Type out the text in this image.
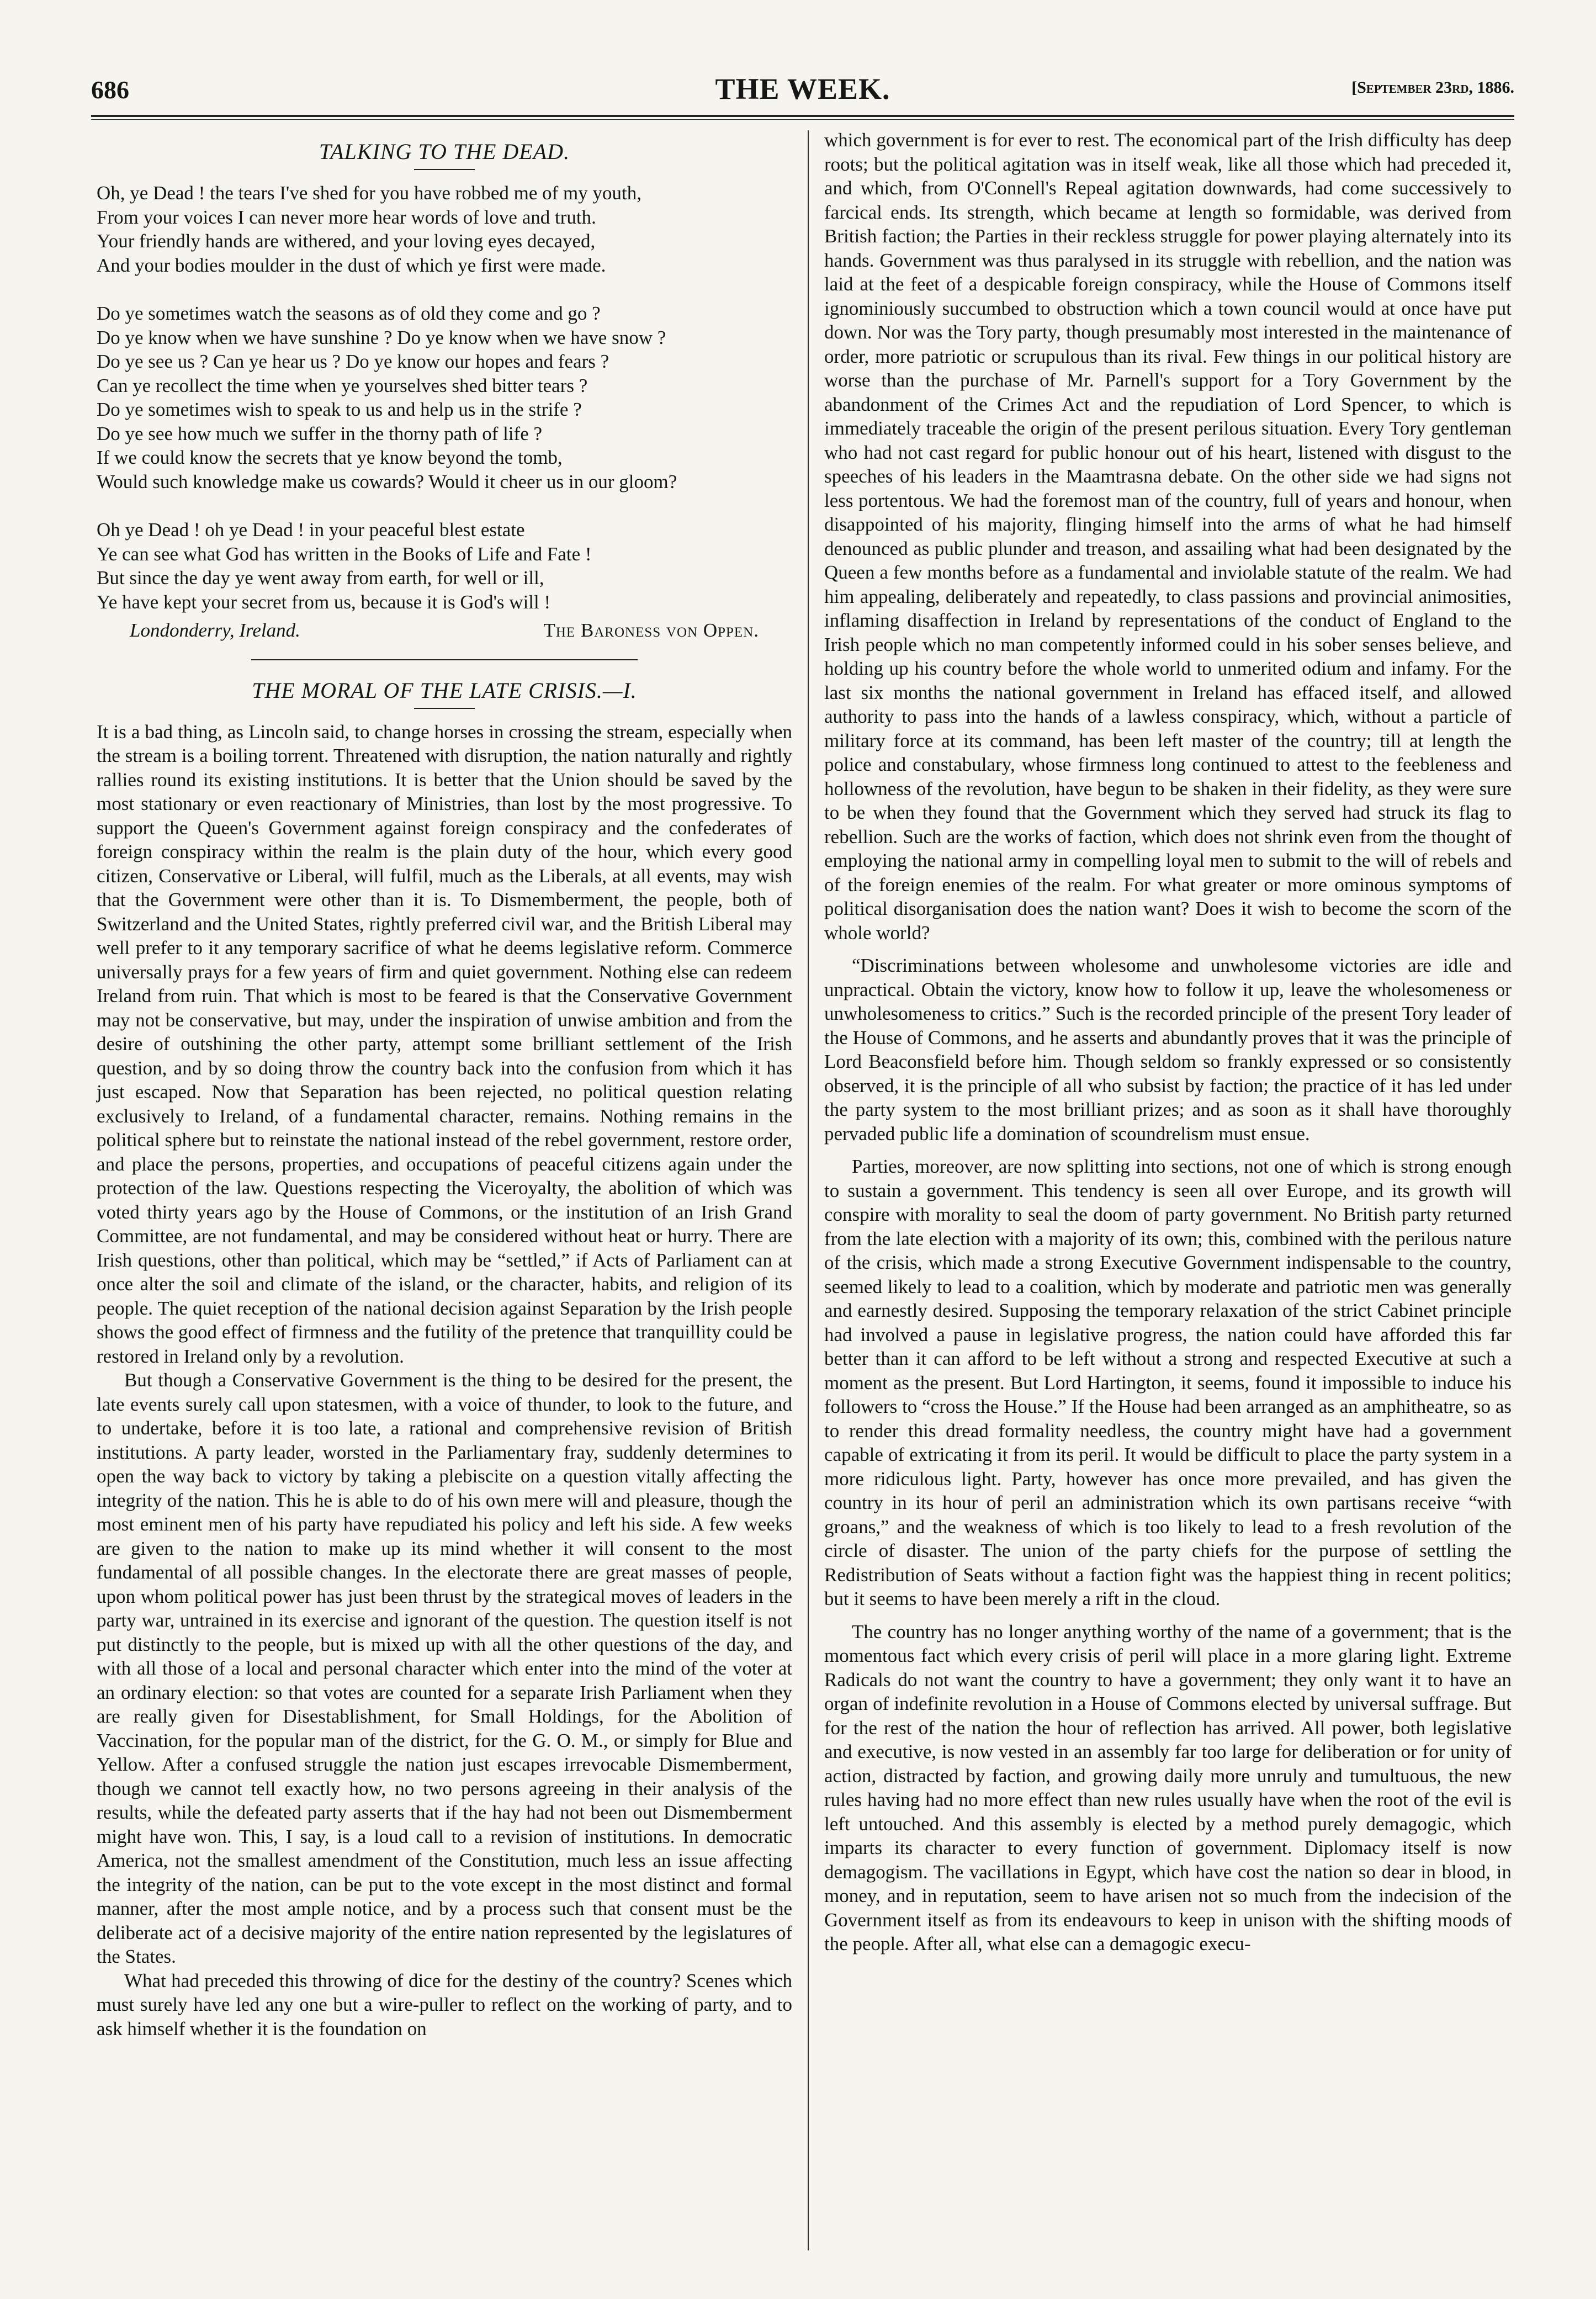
686	THE WEEK.	[September 23rd, 1886.
TALKING TO THE DEAD.
Oh, ye Dead ! the tears I've shed for you have robbed me of my youth,
From your voices I can never more hear words of love and truth.
Your friendly hands are withered, and your loving eyes decayed,
And your bodies moulder in the dust of which ye first were made.
Do ye sometimes watch the seasons as of old they come and go ?
Do ye know when we have sunshine ? Do ye know when we have snow ?
Do ye see us ? Can ye hear us ? Do ye know our hopes and fears ?
Can ye recollect the time when ye yourselves shed bitter tears ?
Do ye sometimes wish to speak to us and help us in the strife ?
Do ye see how much we suffer in the thorny path of life ?
If we could know the secrets that ye know beyond the tomb,
Would such knowledge make us cowards? Would it cheer us in our gloom?
Oh ye Dead ! oh ye Dead ! in your peaceful blest estate
Ye can see what God has written in the Books of Life and Fate !
But since the day ye went away from earth, for well or ill,
Ye have kept your secret from us, because it is God's will !
Londonderry, Ireland.	The Baroness von Oppen.
THE MORAL OF THE LATE CRISIS.—I.

It is a bad thing, as Lincoln said, to change horses in crossing the stream, especially when the stream is a boiling torrent. Threatened with disruption, the nation naturally and rightly rallies round its existing institutions. It is better that the Union should be saved by the most stationary or even reactionary of Ministries, than lost by the most progressive. To support the Queen's Government against foreign conspiracy and the confederates of foreign conspiracy within the realm is the plain duty of the hour, which every good citizen, Conservative or Liberal, will fulfil, much as the Liberals, at all events, may wish that the Government were other than it is. To Dismemberment, the people, both of Switzerland and the United States, rightly preferred civil war, and the British Liberal may well prefer to it any temporary sacrifice of what he deems legislative reform. Commerce universally prays for a few years of firm and quiet government. Nothing else can redeem Ireland from ruin. That which is most to be feared is that the Conservative Government may not be conservative, but may, under the inspiration of unwise ambition and from the desire of outshining the other party, attempt some brilliant settlement of the Irish question, and by so doing throw the country back into the confusion from which it has just escaped. Now that Separation has been rejected, no political question relating exclusively to Ireland, of a fundamental character, remains. Nothing remains in the political sphere but to reinstate the national instead of the rebel government, restore order, and place the persons, properties, and occupations of peaceful citizens again under the protection of the law. Questions respecting the Viceroyalty, the abolition of which was voted thirty years ago by the House of Commons, or the institution of an Irish Grand Committee, are not fundamental, and may be considered without heat or hurry. There are Irish questions, other than political, which may be “settled,” if Acts of Parliament can at once alter the soil and climate of the island, or the character, habits, and religion of its people. The quiet reception of the national decision against Separation by the Irish people shows the good effect of firmness and the futility of the pretence that tranquillity could be restored in Ireland only by a revolution.

But though a Conservative Government is the thing to be desired for the present, the late events surely call upon statesmen, with a voice of thunder, to look to the future, and to undertake, before it is too late, a rational and comprehensive revision of British institutions. A party leader, worsted in the Parliamentary fray, suddenly determines to open the way back to victory by taking a plebiscite on a question vitally affecting the integrity of the nation. This he is able to do of his own mere will and pleasure, though the most eminent men of his party have repudiated his policy and left his side. A few weeks are given to the nation to make up its mind whether it will consent to the most fundamental of all possible changes. In the electorate there are great masses of people, upon whom political power has just been thrust by the strategical moves of leaders in the party war, untrained in its exercise and ignorant of the question. The question itself is not put distinctly to the people, but is mixed up with all the other questions of the day, and with all those of a local and personal character which enter into the mind of the voter at an ordinary election: so that votes are counted for a separate Irish Parliament when they are really given for Disestablishment, for Small Holdings, for the Abolition of Vaccination, for the popular man of the district, for the G. O. M., or simply for Blue and Yellow. After a confused struggle the nation just escapes irrevocable Dismemberment, though we cannot tell exactly how, no two persons agreeing in their analysis of the results, while the defeated party asserts that if the hay had not been out Dismemberment might have won. This, I say, is a loud call to a revision of institutions. In democratic America, not the smallest amendment of the Constitution, much less an issue affecting the integrity of the nation, can be put to the vote except in the most distinct and formal manner, after the most ample notice, and by a process such that consent must be the deliberate act of a decisive majority of the entire nation represented by the legislatures of the States.

What had preceded this throwing of dice for the destiny of the country? Scenes which must surely have led any one but a wire-puller to reflect on the working of party, and to ask himself whether it is the foundation on

which government is for ever to rest. The economical part of the Irish difficulty has deep roots; but the political agitation was in itself weak, like all those which had preceded it, and which, from O'Connell's Repeal agitation downwards, had come successively to farcical ends. Its strength, which became at length so formidable, was derived from British faction; the Parties in their reckless struggle for power playing alternately into its hands. Government was thus paralysed in its struggle with rebellion, and the nation was laid at the feet of a despicable foreign conspiracy, while the House of Commons itself ignominiously succumbed to obstruction which a town council would at once have put down. Nor was the Tory party, though presumably most interested in the maintenance of order, more patriotic or scrupulous than its rival. Few things in our political history are worse than the purchase of Mr. Parnell's support for a Tory Government by the abandonment of the Crimes Act and the repudiation of Lord Spencer, to which is immediately traceable the origin of the present perilous situation. Every Tory gentleman who had not cast regard for public honour out of his heart, listened with disgust to the speeches of his leaders in the Maamtrasna debate. On the other side we had signs not less portentous. We had the foremost man of the country, full of years and honour, when disappointed of his majority, flinging himself into the arms of what he had himself denounced as public plunder and treason, and assailing what had been designated by the Queen a few months before as a fundamental and inviolable statute of the realm. We had him appealing, deliberately and repeatedly, to class passions and provincial animosities, inflaming disaffection in Ireland by representations of the conduct of England to the Irish people which no man competently informed could in his sober senses believe, and holding up his country before the whole world to unmerited odium and infamy. For the last six months the national government in Ireland has effaced itself, and allowed authority to pass into the hands of a lawless conspiracy, which, without a particle of military force at its command, has been left master of the country; till at length the police and constabulary, whose firmness long continued to attest to the feebleness and hollowness of the revolution, have begun to be shaken in their fidelity, as they were sure to be when they found that the Government which they served had struck its flag to rebellion. Such are the works of faction, which does not shrink even from the thought of employing the national army in compelling loyal men to submit to the will of rebels and of the foreign enemies of the realm. For what greater or more ominous symptoms of political disorganisation does the nation want? Does it wish to become the scorn of the whole world?

“Discriminations between wholesome and unwholesome victories are idle and unpractical. Obtain the victory, know how to follow it up, leave the wholesomeness or unwholesomeness to critics.” Such is the recorded principle of the present Tory leader of the House of Commons, and he asserts and abundantly proves that it was the principle of Lord Beaconsfield before him. Though seldom so frankly expressed or so consistently observed, it is the principle of all who subsist by faction; the practice of it has led under the party system to the most brilliant prizes; and as soon as it shall have thoroughly pervaded public life a domination of scoundrelism must ensue.

Parties, moreover, are now splitting into sections, not one of which is strong enough to sustain a government. This tendency is seen all over Europe, and its growth will conspire with morality to seal the doom of party government. No British party returned from the late election with a majority of its own; this, combined with the perilous nature of the crisis, which made a strong Executive Government indispensable to the country, seemed likely to lead to a coalition, which by moderate and patriotic men was generally and earnestly desired. Supposing the temporary relaxation of the strict Cabinet principle had involved a pause in legislative progress, the nation could have afforded this far better than it can afford to be left without a strong and respected Executive at such a moment as the present. But Lord Hartington, it seems, found it impossible to induce his followers to “cross the House.” If the House had been arranged as an amphitheatre, so as to render this dread formality needless, the country might have had a government capable of extricating it from its peril. It would be difficult to place the party system in a more ridiculous light. Party, however has once more prevailed, and has given the country in its hour of peril an administration which its own partisans receive “with groans,” and the weakness of which is too likely to lead to a fresh revolution of the circle of disaster. The union of the party chiefs for the purpose of settling the Redistribution of Seats without a faction fight was the happiest thing in recent politics; but it seems to have been merely a rift in the cloud.

The country has no longer anything worthy of the name of a government; that is the momentous fact which every crisis of peril will place in a more glaring light. Extreme Radicals do not want the country to have a government; they only want it to have an organ of indefinite revolution in a House of Commons elected by universal suffrage. But for the rest of the nation the hour of reflection has arrived. All power, both legislative and executive, is now vested in an assembly far too large for deliberation or for unity of action, distracted by faction, and growing daily more unruly and tumultuous, the new rules having had no more effect than new rules usually have when the root of the evil is left untouched. And this assembly is elected by a method purely demagogic, which imparts its character to every function of government. Diplomacy itself is now demagogism. The vacillations in Egypt, which have cost the nation so dear in blood, in money, and in reputation, seem to have arisen not so much from the indecision of the Government itself as from its endeavours to keep in unison with the shifting moods of the people. After all, what else can a demagogic execu-
